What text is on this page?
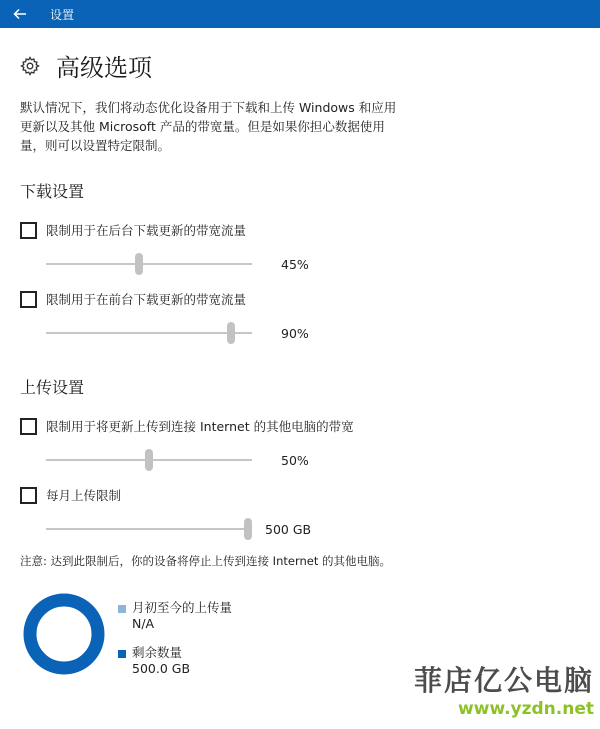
设置
高级选项
默认情况下，我们将动态优化设备用于下载和上传 Windows 和应用
更新以及其他 Microsoft 产品的带宽量。但是如果你担心数据使用
量，则可以设置特定限制。
下载设置
限制用于在后台下载更新的带宽流量
45%
限制用于在前台下载更新的带宽流量
90%
上传设置
限制用于将更新上传到连接 Internet 的其他电脑的带宽
50%
每月上传限制
500 GB
注意: 达到此限制后，你的设备将停止上传到连接 Internet 的其他电脑。
月初至今的上传量
N/A
剩余数量
500.0 GB	菲店亿公电脑
www.yzdn.net
